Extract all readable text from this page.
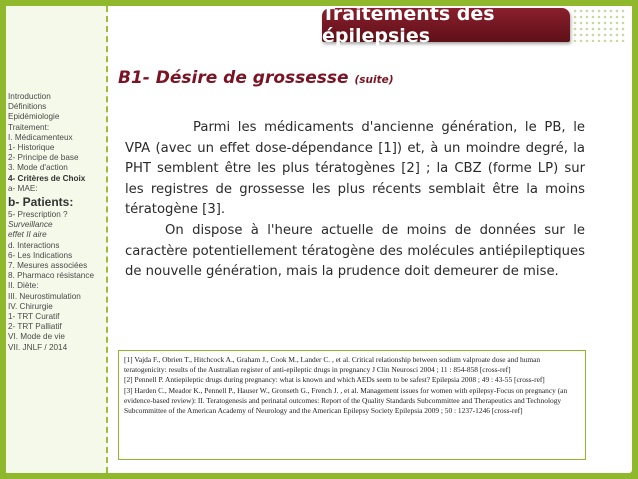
Traitements des épilepsies
Introduction
Définitions
Epidémiologie
Traitement:
I. Médicamenteux
1- Historique
2- Principe de base
3. Mode d'action
4- Critères de Choix
a- MAE:
b- Patients:
5- Prescription ?
Surveillance
effet II aire
d. Interactions
6- Les Indications
7. Mesures associées
8. Pharmaco résistance
II. Diète:
III. Neurostimulation
IV. Chirurgie
1- TRT Curatif
2- TRT Palliatif
VI. Mode de vie
VII. JNLF / 2014
B1- Désire de grossesse (suite)

Parmi les médicaments d'ancienne génération, le PB, le VPA (avec un effet dose-dépendance [1]) et, à un moindre degré, la PHT semblent être les plus tératogènes [2] ; la CBZ (forme LP) sur les registres de grossesse les plus récents semblait être la moins tératogène [3].

On dispose à l'heure actuelle de moins de données sur le caractère potentiellement tératogène des molécules antiépileptiques de nouvelle génération, mais la prudence doit demeurer de mise.

[1] Vajda F., Obrien T., Hitchcock A., Graham J., Cook M., Lander C. , et al. Critical relationship between sodium valproate dose and human teratogenicity: results of the Australian register of anti-epileptic drugs in pregnancy J Clin Neurosci 2004 ; 11 : 854-858 [cross-ref]
[2] Pennell P. Antiepileptic drugs during pregnancy: what is known and which AEDs seem to be safest? Epilepsia 2008 ; 49 : 43-55 [cross-ref]
[3] Harden C., Meador K., Pennell P., Hauser W., Gronseth G., French J. , et al. Management issues for women with epilepsy-Focus on pregnancy (an evidence-based review): II. Teratogenesis and perinatal outcomes: Report of the Quality Standards Subcommittee and Therapeutics and Technology Subcommittee of the American Academy of Neurology and the American Epilepsy Society Epilepsia 2009 ; 50 : 1237-1246 [cross-ref]
